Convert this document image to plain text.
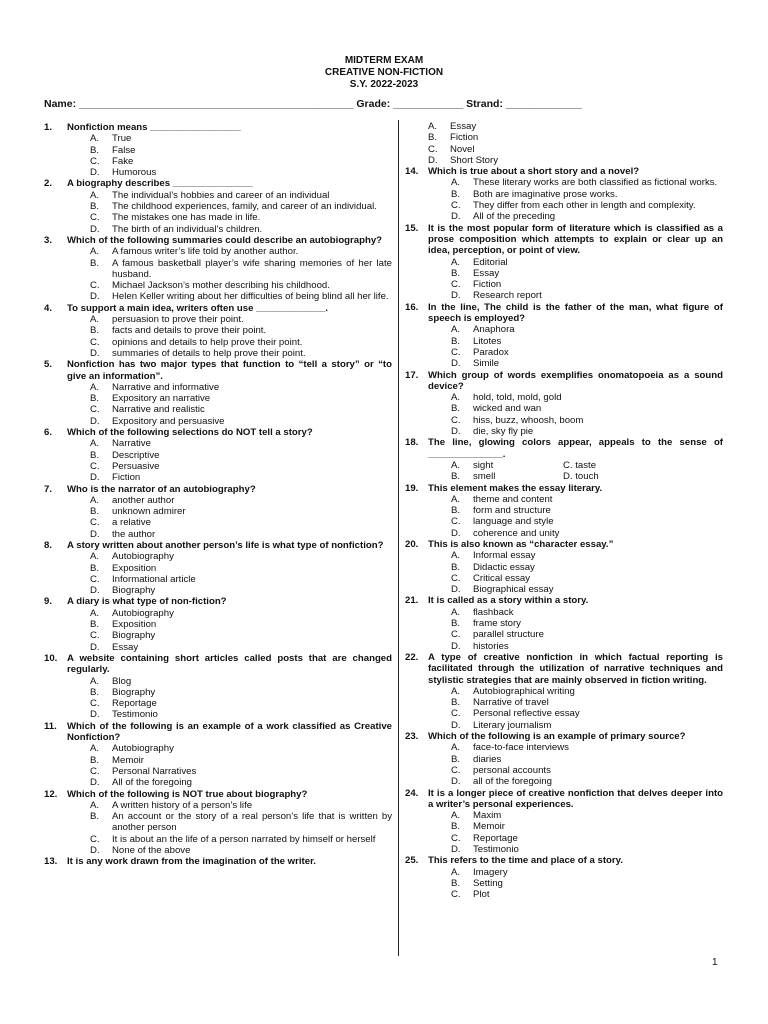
MIDTERM EXAM
CREATIVE NON-FICTION
S.Y. 2022-2023
Name: _______________________________________________ Grade: ____________ Strand: _____________
1. Nonfiction means _________________
A. True
B. False
C. Fake
D. Humorous
2. A biography describes _______________
A. The individual’s hobbies and career of an individual
B. The childhood experiences, family, and career of an individual.
C. The mistakes one has made in life.
D. The birth of an individual’s children.
3. Which of the following summaries could describe an autobiography?
A. A famous writer’s life told by another author.
B. A famous basketball player’s wife sharing memories of her late husband.
C. Michael Jackson’s mother describing his childhood.
D. Helen Keller writing about her difficulties of being blind all her life.
4. To support a main idea, writers often use _____________.
A. persuasion to prove their point.
B. facts and details to prove their point.
C. opinions and details to help prove their point.
D. summaries of details to help prove their point.
5. Nonfiction has two major types that function to “tell a story” or “to give an information”.
A. Narrative and informative
B. Expository an narrative
C. Narrative and realistic
D. Expository and persuasive
6. Which of the following selections do NOT tell a story?
A. Narrative
B. Descriptive
C. Persuasive
D. Fiction
7. Who is the narrator of an autobiography?
A. another author
B. unknown admirer
C. a relative
D. the author
8. A story written about another person’s life is what type of nonfiction?
A. Autobiography
B. Exposition
C. Informational article
D. Biography
9. A diary is what type of non-fiction?
A. Autobiography
B. Exposition
C. Biography
D. Essay
10. A website containing short articles called posts that are changed regularly.
A. Blog
B. Biography
C. Reportage
D. Testimonio
11. Which of the following is an example of a work classified as Creative Nonfiction?
A. Autobiography
B. Memoir
C. Personal Narratives
D. All of the foregoing
12. Which of the following is NOT true about biography?
A. A written history of a person’s life
B. An account or the story of a real person’s life that is written by another person
C. It is about an the life of a person narrated by himself or herself
D. None of the above
13. It is any work drawn from the imagination of the writer.
A. Essay
B. Fiction
C. Novel
D. Short Story
14. Which is true about a short story and a novel?
A. These literary works are both classified as fictional works.
B. Both are imaginative prose works.
C. They differ from each other in length and complexity.
D. All of the preceding
15. It is the most popular form of literature which is classified as a prose composition which attempts to explain or clear up an idea, perception, or point of view.
A. Editorial
B. Essay
C. Fiction
D. Research report
16. In the line, The child is the father of the man, what figure of speech is employed?
A. Anaphora
B. Litotes
C. Paradox
D. Simile
17. Which group of words exemplifies onomatopoeia as a sound device?
A. hold, told, mold, gold
B. wicked and wan
C. hiss, buzz, whoosh, boom
D. die, sky fly pie
18. The line, glowing colors appear, appeals to the sense of ______________.
A. sight	C. taste
B. smell	D. touch
19. This element makes the essay literary.
A. theme and content
B. form and structure
C. language and style
D. coherence and unity
20. This is also known as “character essay.”
A. Informal essay
B. Didactic essay
C. Critical essay
D. Biographical essay
21. It is called as a story within a story.
A. flashback
B. frame story
C. parallel structure
D. histories
22. A type of creative nonfiction in which factual reporting is facilitated through the utilization of narrative techniques and stylistic strategies that are mainly observed in fiction writing.
A. Autobiographical writing
B. Narrative of travel
C. Personal reflective essay
D. Literary journalism
23. Which of the following is an example of primary source?
A. face-to-face interviews
B. diaries
C. personal accounts
D. all of the foregoing
24. It is a longer piece of creative nonfiction that delves deeper into a writer’s personal experiences.
A. Maxim
B. Memoir
C. Reportage
D. Testimonio
25. This refers to the time and place of a story.
A. Imagery
B. Setting
C. Plot
1
